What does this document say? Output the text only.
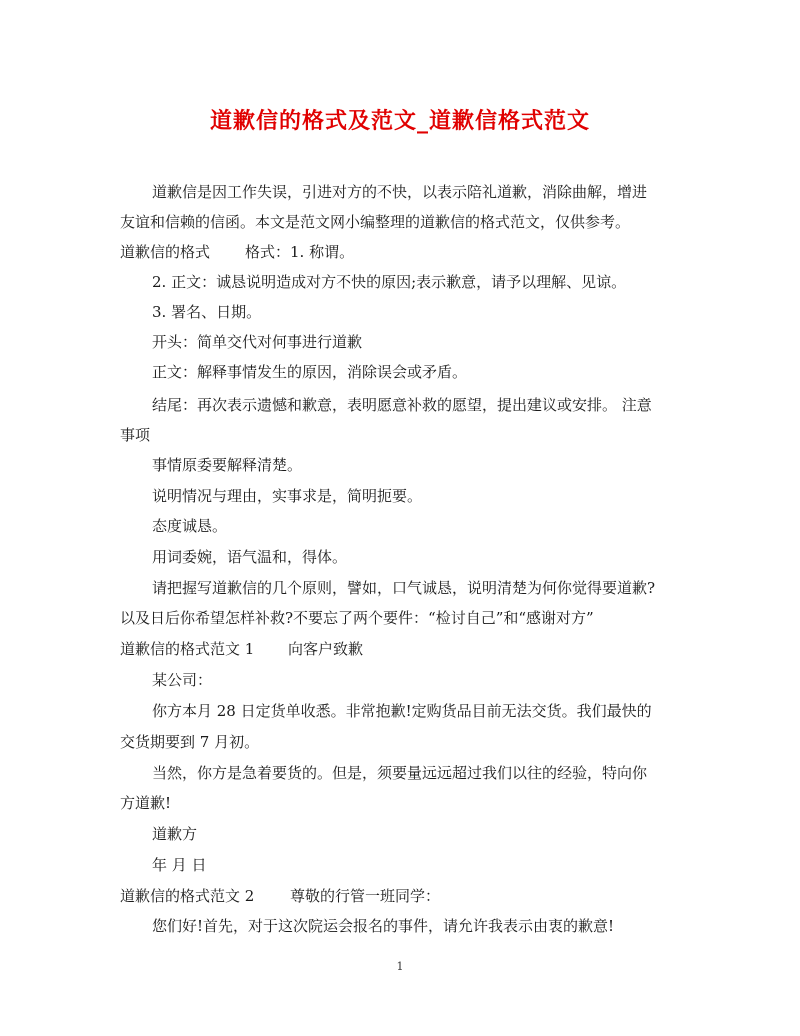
道歉信的格式及范文_道歉信格式范文
道歉信是因工作失误，引进对方的不快，以表示陪礼道歉，消除曲解，增进
友谊和信赖的信函。本文是范文网小编整理的道歉信的格式范文，仅供参考。
道歉信的格式 格式：1. 称谓。
2. 正文：诚恳说明造成对方不快的原因;表示歉意，请予以理解、见谅。
3. 署名、日期。
开头：简单交代对何事进行道歉
正文：解释事情发生的原因，消除误会或矛盾。
结尾：再次表示遗憾和歉意，表明愿意补救的愿望，提出建议或安排。 注意
事项
事情原委要解释清楚。
说明情况与理由，实事求是，简明扼要。
态度诚恳。
用词委婉，语气温和，得体。
请把握写道歉信的几个原则，譬如，口气诚恳，说明清楚为何你觉得要道歉?
以及日后你希望怎样补救?不要忘了两个要件：“检讨自己”和“感谢对方”
道歉信的格式范文 1 向客户致歉
某公司：
你方本月 28 日定货单收悉。非常抱歉!定购货品目前无法交货。我们最快的
交货期要到 7 月初。
当然，你方是急着要货的。但是，须要量远远超过我们以往的经验，特向你
方道歉!
道歉方
年 月 日
道歉信的格式范文 2 尊敬的行管一班同学：
您们好!首先，对于这次院运会报名的事件，请允许我表示由衷的歉意!
1
